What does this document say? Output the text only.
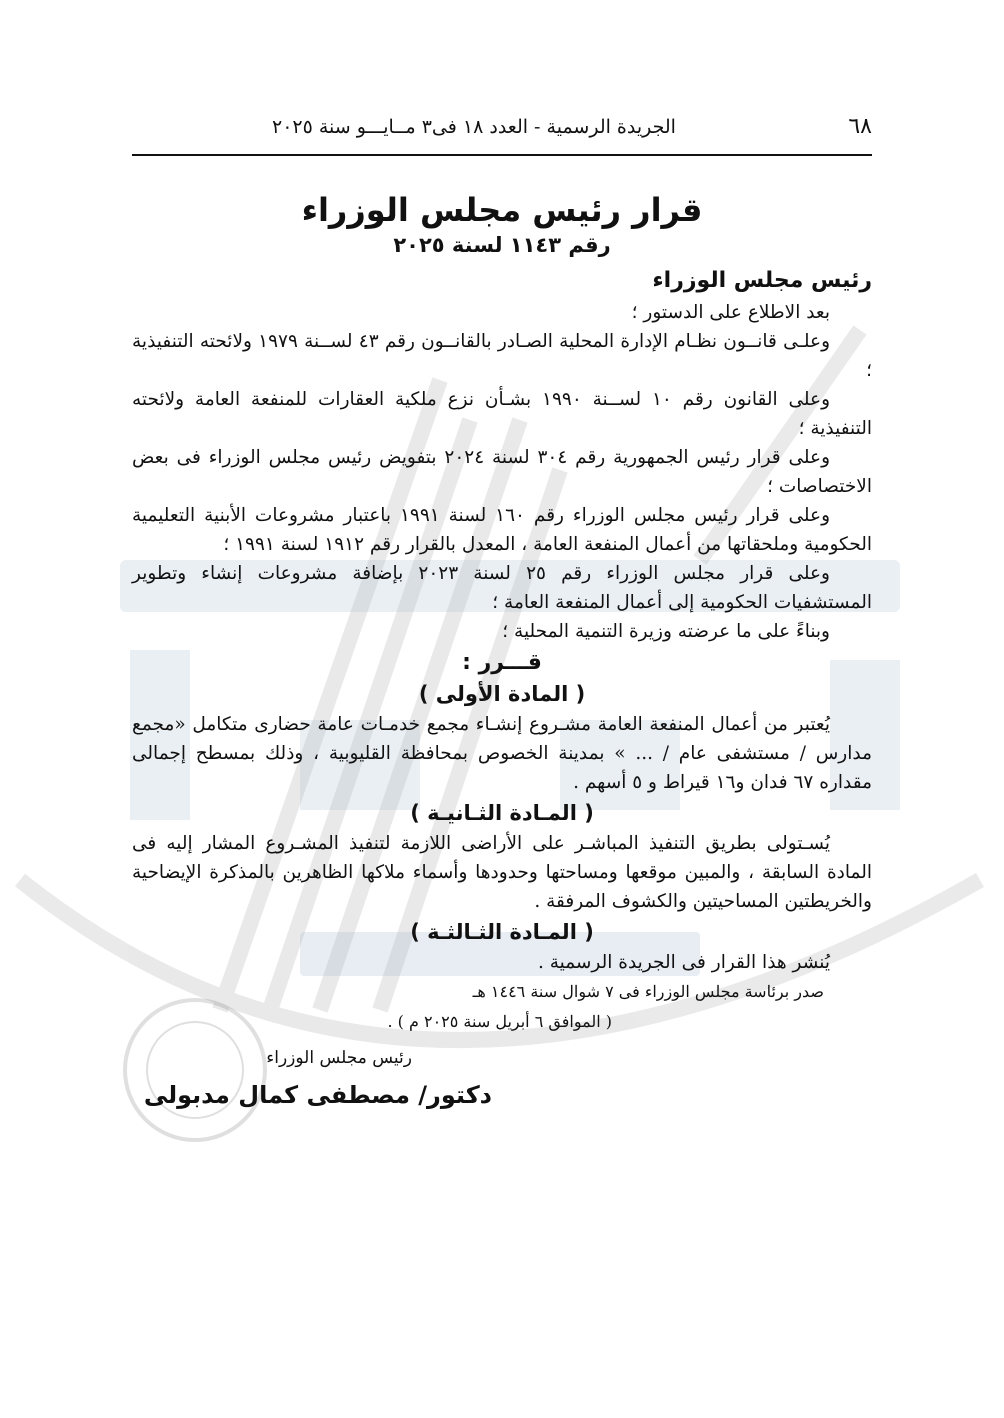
٦٨
الجريدة الرسمية - العدد ١٨ فى٣ مــايـــو سنة ٢٠٢٥
قرار رئيس مجلس الوزراء
رقم ١١٤٣ لسنة ٢٠٢٥
رئيس مجلس الوزراء

بعد الاطلاع على الدستور ؛

وعلـى قانــون نظـام الإدارة المحلية الصـادر بالقانــون رقم ٤٣ لســنة ١٩٧٩ ولائحته التنفيذية ؛

وعلى القانون رقم ١٠ لســنة ١٩٩٠ بشـأن نزع ملكية العقارات للمنفعة العامة ولائحته التنفيذية ؛

وعلى قرار رئيس الجمهورية رقم ٣٠٤ لسنة ٢٠٢٤ بتفويض رئيس مجلس الوزراء فى بعض الاختصاصات ؛

وعلى قرار رئيس مجلس الوزراء رقم ١٦٠ لسنة ١٩٩١ باعتبار مشروعات الأبنية التعليمية الحكومية وملحقاتها من أعمال المنفعة العامة ، المعدل بالقرار رقم ١٩١٢ لسنة ١٩٩١ ؛

وعلى قرار مجلس الوزراء رقم ٢٥ لسنة ٢٠٢٣ بإضافة مشروعات إنشاء وتطوير المستشفيات الحكومية إلى أعمال المنفعة العامة ؛

وبناءً على ما عرضته وزيرة التنمية المحلية ؛

قـــرر :
( المادة الأولى )

يُعتبر من أعمال المنفعة العامة مشـروع إنشـاء مجمع خدمـات عامة حضارى متكامل «مجمع مدارس / مستشفى عام / ... » بمدينة الخصوص بمحافظة القليوبية ، وذلك بمسطح إجمالى مقداره ٦٧ فدان و١٦ قيراط و ٥ أسهم .

( المـادة الثـانيـة )

يُسـتولى بطريق التنفيذ المباشـر على الأراضى اللازمة لتنفيذ المشـروع المشار إليه فى المادة السابقة ، والمبين موقعها ومساحتها وحدودها وأسماء ملاكها الظاهرين بالمذكرة الإيضاحية والخريطتين المساحيتين والكشوف المرفقة .

( المـادة الثـالثـة )

يُنشر هذا القرار فى الجريدة الرسمية .

صدر برئاسة مجلس الوزراء فى ٧ شوال سنة ١٤٤٦ هـ

( الموافق ٦ أبريل سنة ٢٠٢٥ م ) .

رئيس مجلس الوزراء

دكتور/ مصطفى كمال مدبولى
